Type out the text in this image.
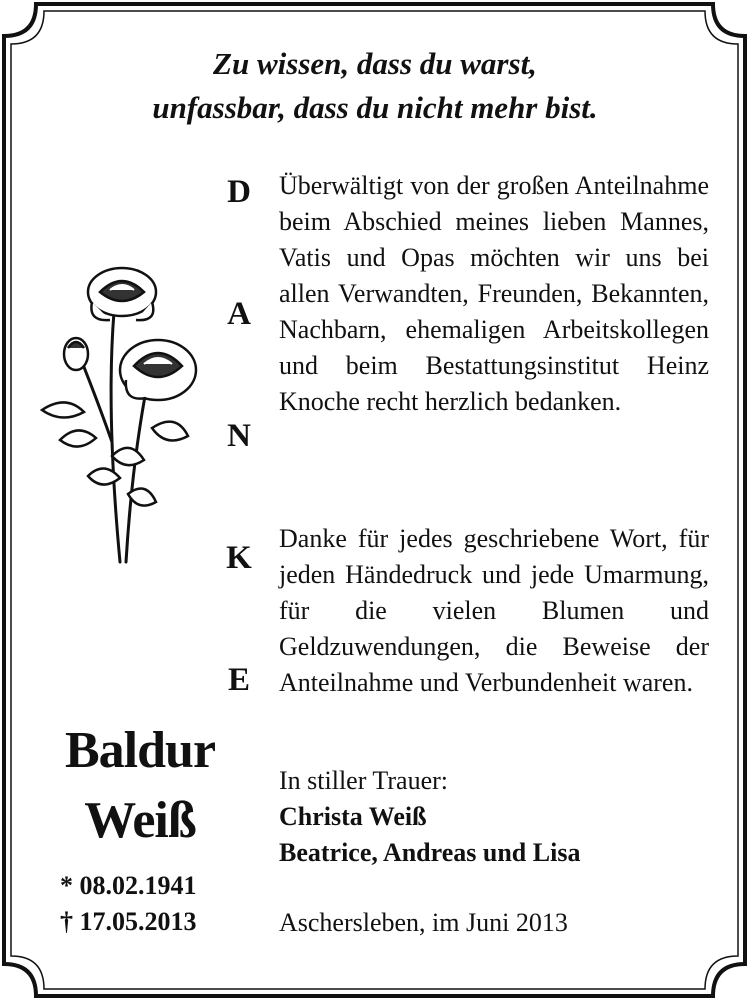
Zu wissen, dass du warst,
unfassbar, dass du nicht mehr bist.
D
A
N
K
E

Überwältigt von der großen Anteilnahme beim Abschied meines lieben Mannes, Vatis und Opas möchten wir uns bei allen Verwandten, Freunden, Bekannten, Nachbarn, ehemaligen Arbeitskollegen und beim Bestattungsinstitut Heinz Knoche recht herzlich bedanken.

Danke für jedes geschriebene Wort, für jeden Händedruck und jede Umarmung, für die vielen Blumen und Geldzuwendungen, die Beweise der Anteilnahme und Verbundenheit waren.

Baldur
Weiß
* 08.02.1941
† 17.05.2013
In stiller Trauer:
Christa Weiß
Beatrice, Andreas und Lisa
Aschersleben, im Juni 2013
